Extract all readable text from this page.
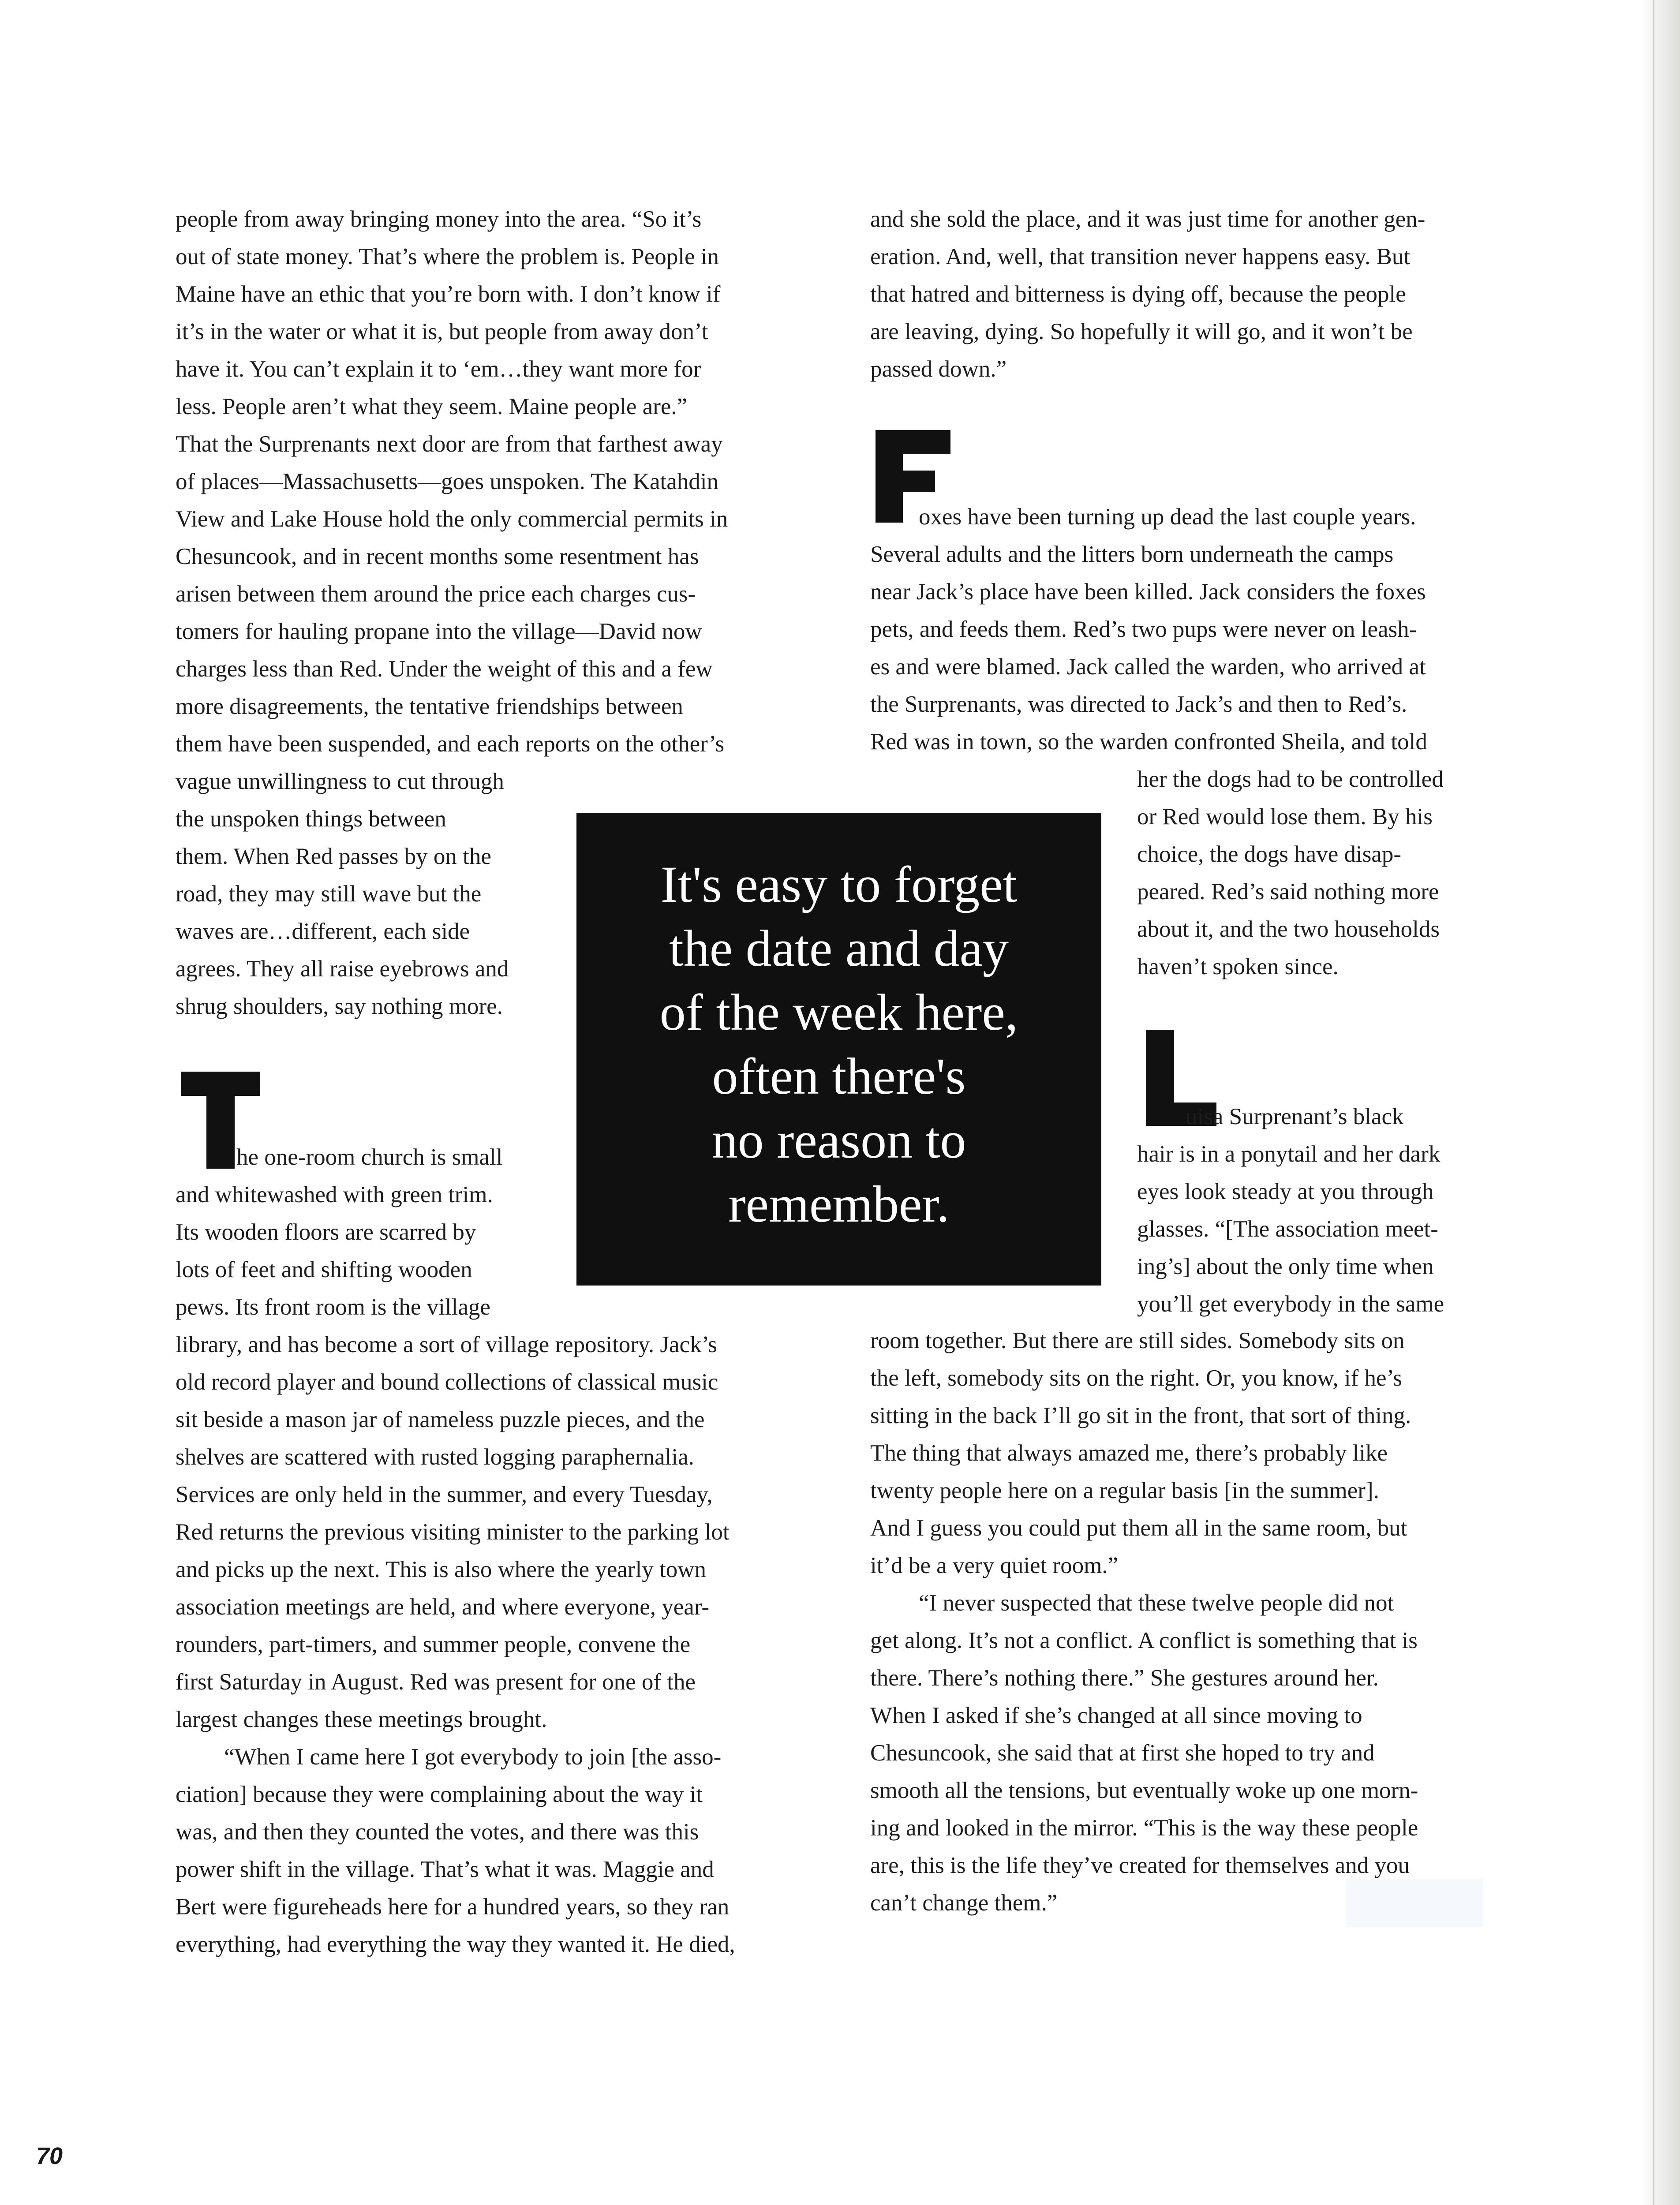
people from away bringing money into the area. “So it’s

out of state money. That’s where the problem is. People in

Maine have an ethic that you’re born with. I don’t know if

it’s in the water or what it is, but people from away don’t

have it. You can’t explain it to ‘em…they want more for

less. People aren’t what they seem. Maine people are.”

That the Surprenants next door are from that farthest away

of places—Massachusetts—goes unspoken. The Katahdin

View and Lake House hold the only commercial permits in

Chesuncook, and in recent months some resentment has

arisen between them around the price each charges cus-

tomers for hauling propane into the village—David now

charges less than Red. Under the weight of this and a few

more disagreements, the tentative friendships between

them have been suspended, and each reports on the other’s

vague unwillingness to cut through

the unspoken things between

them. When Red passes by on the

road, they may still wave but the

waves are…different, each side

agrees. They all raise eyebrows and

shrug shoulders, say nothing more.

he one-room church is small

and whitewashed with green trim.

Its wooden floors are scarred by

lots of feet and shifting wooden

pews. Its front room is the village

library, and has become a sort of village repository. Jack’s

old record player and bound collections of classical music

sit beside a mason jar of nameless puzzle pieces, and the

shelves are scattered with rusted logging paraphernalia.

Services are only held in the summer, and every Tuesday,

Red returns the previous visiting minister to the parking lot

and picks up the next. This is also where the yearly town

association meetings are held, and where everyone, year-

rounders, part-timers, and summer people, convene the

first Saturday in August. Red was present for one of the

largest changes these meetings brought.

“When I came here I got everybody to join [the asso-

ciation] because they were complaining about the way it

was, and then they counted the votes, and there was this

power shift in the village. That’s what it was. Maggie and

Bert were figureheads here for a hundred years, so they ran

everything, had everything the way they wanted it. He died,

It's easy to forget
the date and day
of the week here,
often there's
no reason to
remember.

and she sold the place, and it was just time for another gen-

eration. And, well, that transition never happens easy. But

that hatred and bitterness is dying off, because the people

are leaving, dying. So hopefully it will go, and it won’t be

passed down.”

oxes have been turning up dead the last couple years.

Several adults and the litters born underneath the camps

near Jack’s place have been killed. Jack considers the foxes

pets, and feeds them. Red’s two pups were never on leash-

es and were blamed. Jack called the warden, who arrived at

the Surprenants, was directed to Jack’s and then to Red’s.

Red was in town, so the warden confronted Sheila, and told

her the dogs had to be controlled

or Red would lose them. By his

choice, the dogs have disap-

peared. Red’s said nothing more

about it, and the two households

haven’t spoken since.

uisa Surprenant’s black

hair is in a ponytail and her dark

eyes look steady at you through

glasses. “[The association meet-

ing’s] about the only time when

you’ll get everybody in the same

room together. But there are still sides. Somebody sits on

the left, somebody sits on the right. Or, you know, if he’s

sitting in the back I’ll go sit in the front, that sort of thing.

The thing that always amazed me, there’s probably like

twenty people here on a regular basis [in the summer].

And I guess you could put them all in the same room, but

it’d be a very quiet room.”

“I never suspected that these twelve people did not

get along. It’s not a conflict. A conflict is something that is

there. There’s nothing there.” She gestures around her.

When I asked if she’s changed at all since moving to

Chesuncook, she said that at first she hoped to try and

smooth all the tensions, but eventually woke up one morn-

ing and looked in the mirror. “This is the way these people

are, this is the life they’ve created for themselves and you

can’t change them.”

70
